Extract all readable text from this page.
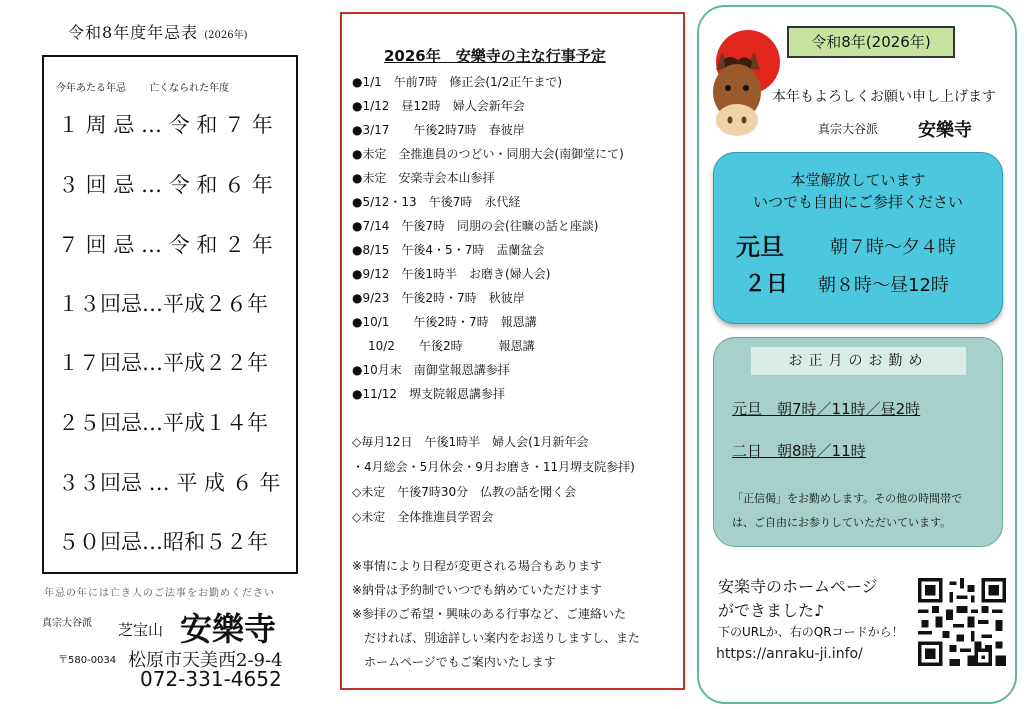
令和8年度年忌表 (2026年)
今年あたる年忌 亡くなられた年度
１ 周 忌 … 令 和 ７ 年
３ 回 忌 … 令 和 ６ 年
７ 回 忌 … 令 和 ２ 年
１３回忌…平成２６年
１７回忌…平成２２年
２５回忌…平成１４年
３３回忌 … 平 成 ６ 年
５０回忌…昭和５２年
年忌の年には亡き人のご法事をお勤めください
真宗大谷派
〒580-0034
芝宝山 安樂寺
松原市天美西2-9-4
072-331-4652
2026年　安樂寺の主な行事予定
●1/1　午前7時　修正会(1/2正午まで)
●1/12　昼12時　婦人会新年会
●3/17　　午後2時7時　春彼岸
●未定　全推進員のつどい・同朋大会(南御堂にて)
●未定　安楽寺会本山参拝
●5/12・13　午後7時　永代経
●7/14　午後7時　同朋の会(往曠の話と座談)
●8/15　午後4・5・7時　盂蘭盆会
●9/12　午後1時半　お磨き(婦人会)
●9/23　午後2時・7時　秋彼岸
●10/1　　午後2時・7時　報恩講
10/2　　午後2時　　　報恩講
●10月末　南御堂報恩講参拝
●11/12　堺支院報恩講参拝
◇毎月12日　午後1時半　婦人会(1月新年会
・4月総会・5月休会・9月お磨き・11月堺支院参拝)
◇未定　午後7時30分　仏教の話を聞く会
◇未定　全体推進員学習会
※事情により日程が変更される場合もあります
※納骨は予約制でいつでも納めていただけます
※参拝のご希望・興味のある行事など、ご連絡いた
　だければ、別途詳しい案内をお送りしますし、また
　ホームページでもご案内いたします
令和8年(2026年)
本年もよろしくお願い申し上げます
真宗大谷派 安樂寺
本堂解放しています
いつでも自由にご参拝ください
元旦	朝７時～夕４時
２日 朝８時～昼12時
お正月のお勤め
元旦　朝7時／11時／昼2時
二日　朝8時／11時
「正信偈」をお勤めします。その他の時間帯で
は、ご自由にお参りしていただいています。
安楽寺のホームページ
ができました♪
下のURLか、右のQRコードから！
https://anraku-ji.info/
